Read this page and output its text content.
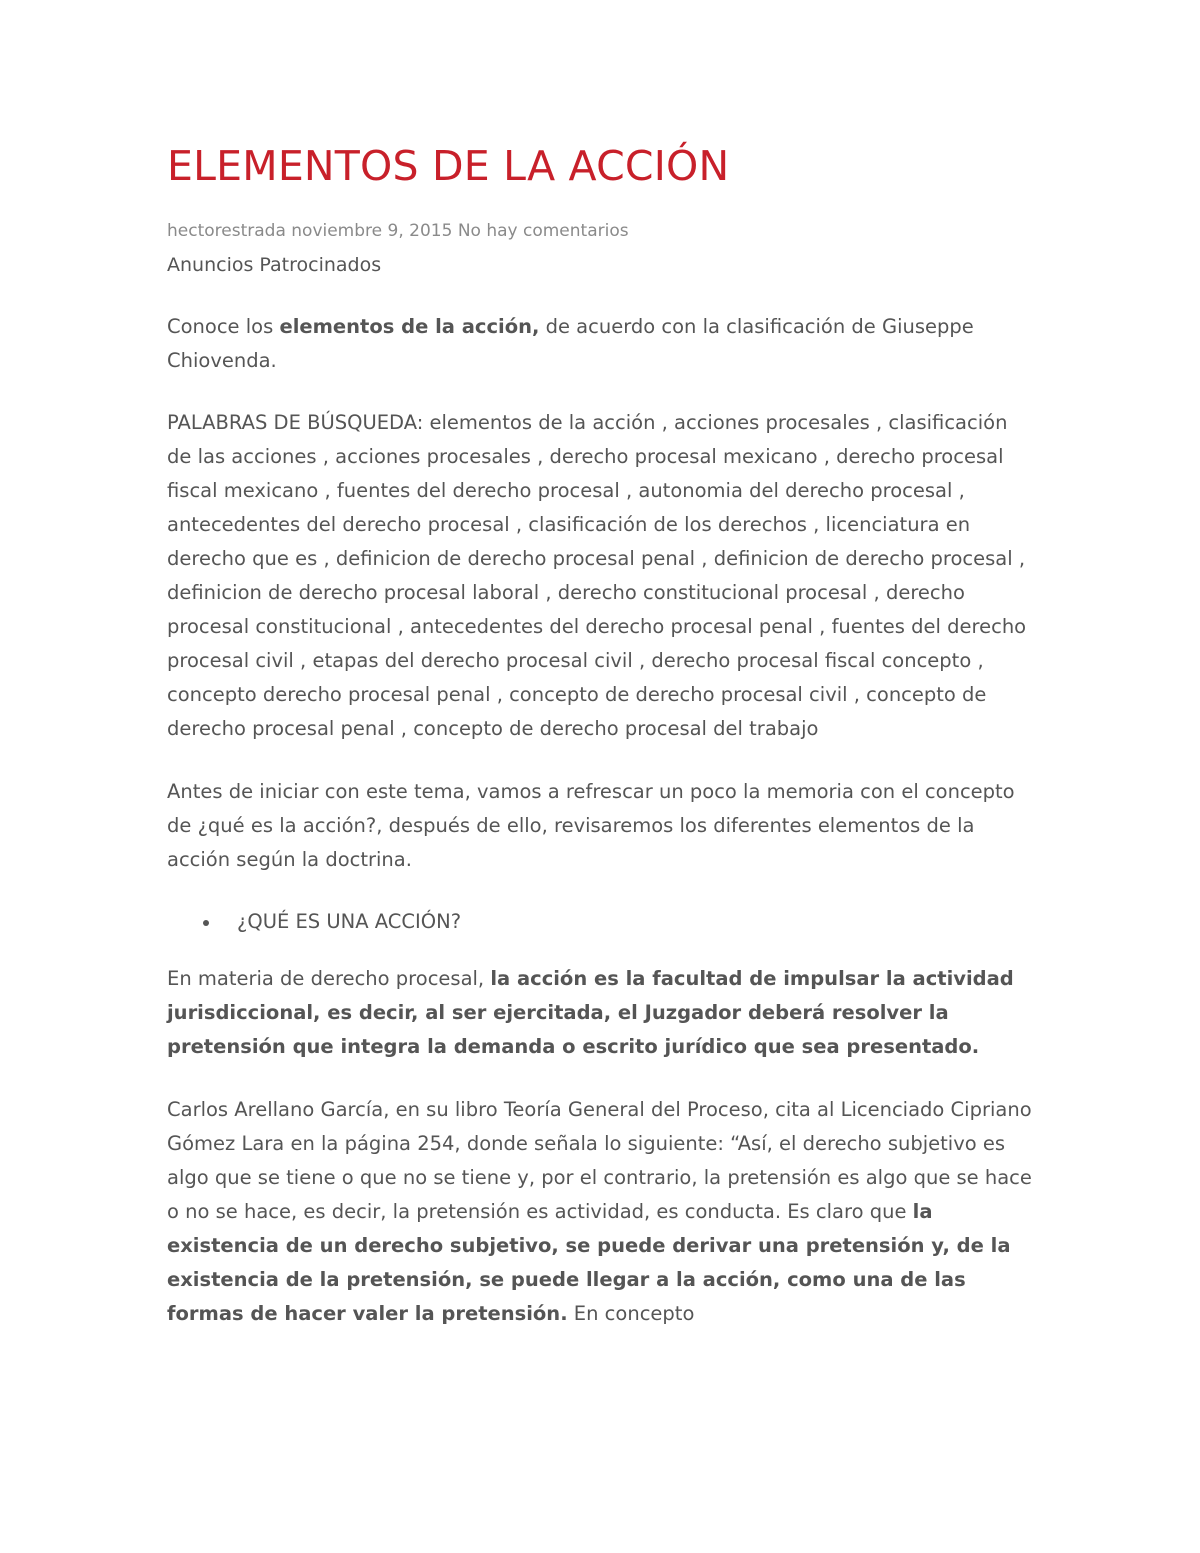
ELEMENTOS DE LA ACCIÓN
hectorestrada noviembre 9, 2015 No hay comentarios
Anuncios Patrocinados

Conoce los elementos de la acción, de acuerdo con la clasificación de Giuseppe Chiovenda.

PALABRAS DE BÚSQUEDA: elementos de la acción , acciones procesales , clasificación de las acciones , acciones procesales , derecho procesal mexicano , derecho procesal fiscal mexicano , fuentes del derecho procesal , autonomia del derecho procesal , antecedentes del derecho procesal , clasificación de los derechos , licenciatura en derecho que es , definicion de derecho procesal penal , definicion de derecho procesal , definicion de derecho procesal laboral , derecho constitucional procesal , derecho procesal constitucional , antecedentes del derecho procesal penal , fuentes del derecho procesal civil , etapas del derecho procesal civil , derecho procesal fiscal concepto , concepto derecho procesal penal , concepto de derecho procesal civil , concepto de derecho procesal penal , concepto de derecho procesal del trabajo

Antes de iniciar con este tema, vamos a refrescar un poco la memoria con el concepto de ¿qué es la acción?, después de ello, revisaremos los diferentes elementos de la acción según la doctrina.

¿QUÉ ES UNA ACCIÓN?

En materia de derecho procesal, la acción es la facultad de impulsar la actividad jurisdiccional, es decir, al ser ejercitada, el Juzgador deberá resolver la pretensión que integra la demanda o escrito jurídico que sea presentado.

Carlos Arellano García, en su libro Teoría General del Proceso, cita al Licenciado Cipriano Gómez Lara en la página 254, donde señala lo siguiente: “Así, el derecho subjetivo es algo que se tiene o que no se tiene y, por el contrario, la pretensión es algo que se hace o no se hace, es decir, la pretensión es actividad, es conducta. Es claro que la existencia de un derecho subjetivo, se puede derivar una pretensión y, de la existencia de la pretensión, se puede llegar a la acción, como una de las formas de hacer valer la pretensión. En concepto
